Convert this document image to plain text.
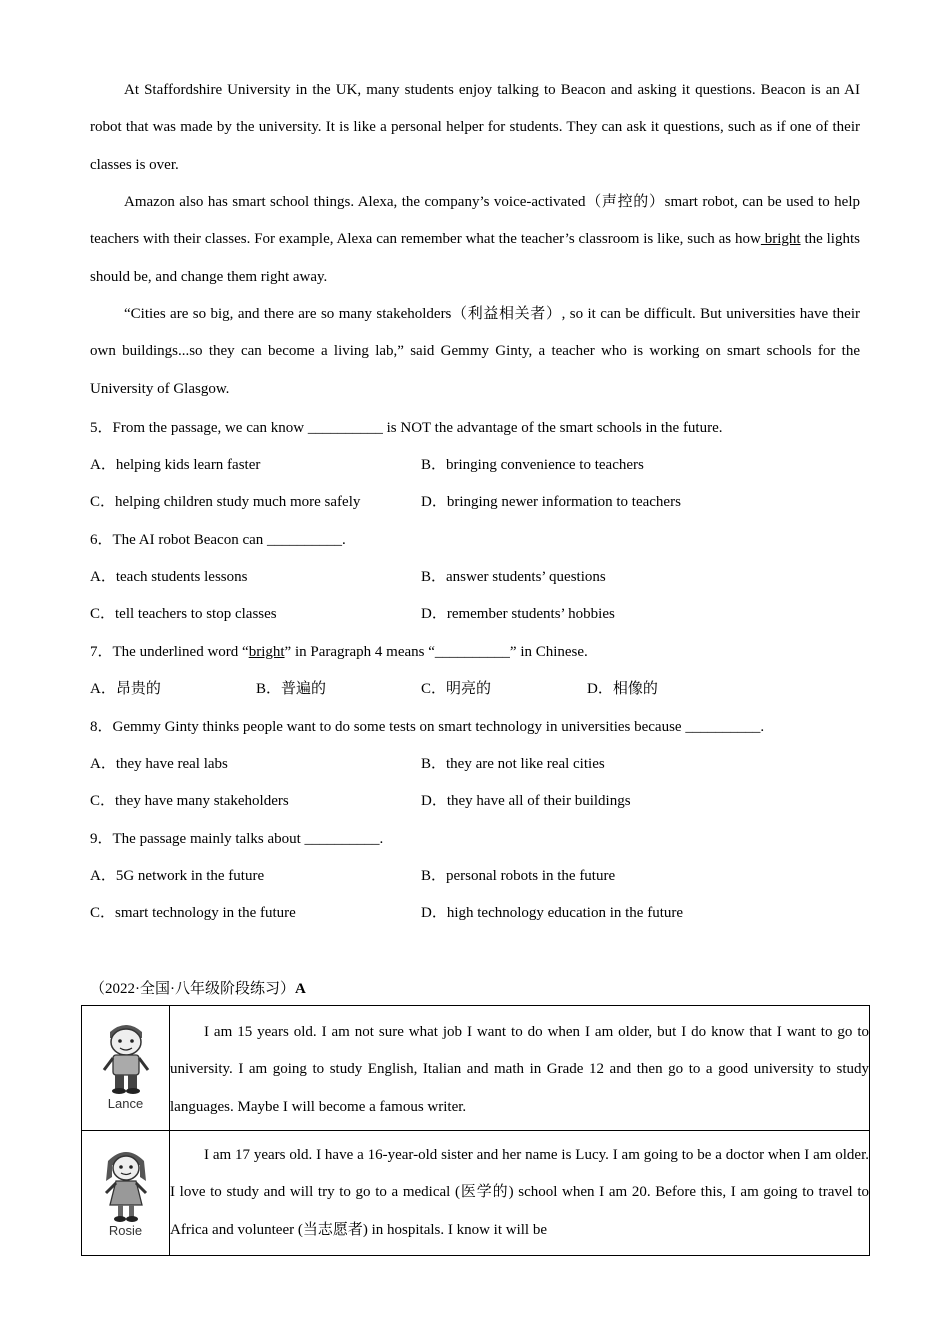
At Staffordshire University in the UK, many students enjoy talking to Beacon and asking it questions. Beacon is an AI robot that was made by the university. It is like a personal helper for students. They can ask it questions, such as if one of their classes is over.

Amazon also has smart school things. Alexa, the company’s voice-activated（声控的）smart robot, can be used to help teachers with their classes. For example, Alexa can remember what the teacher’s classroom is like, such as how bright the lights should be, and change them right away.

“Cities are so big, and there are so many stakeholders（利益相关者）, so it can be difficult. But universities have their own buildings...so they can become a living lab,” said Gemmy Ginty, a teacher who is working on smart schools for the University of Glasgow.

5．From the passage, we can know __________ is NOT the advantage of the smart schools in the future.
A．helping kids learn faster	B．bringing convenience to teachers
C．helping children study much more safely	D．bringing newer information to teachers
6．The AI robot Beacon can __________.
A．teach students lessons	B．answer students’ questions
C．tell teachers to stop classes	D．remember students’ hobbies
7．The underlined word “bright” in Paragraph 4 means “__________” in Chinese.
A．昂贵的	B．普遍的	C．明亮的	D．相像的
8．Gemmy Ginty thinks people want to do some tests on smart technology in universities because __________.
A．they have real labs	B．they are not like real cities
C．they have many stakeholders	D．they have all of their buildings
9．The passage mainly talks about __________.
A．5G network in the future	B．personal robots in the future
C．smart technology in the future	D．high technology education in the future
（2022·全国·八年级阶段练习）A
Lance	I am 15 years old. I am not sure what job I want to do when I am older, but I do know that I want to go to university. I am going to study English, Italian and math in Grade 12 and then go to a good university to study languages. Maybe I will become a famous writer.

Rosie	I am 17 years old. I have a 16-year-old sister and her name is Lucy. I am going to be a doctor when I am older. I love to study and will try to go to a medical (医学的) school when I am 20. Before this, I am going to travel to Africa and volunteer (当志愿者) in hospitals. I know it will be
